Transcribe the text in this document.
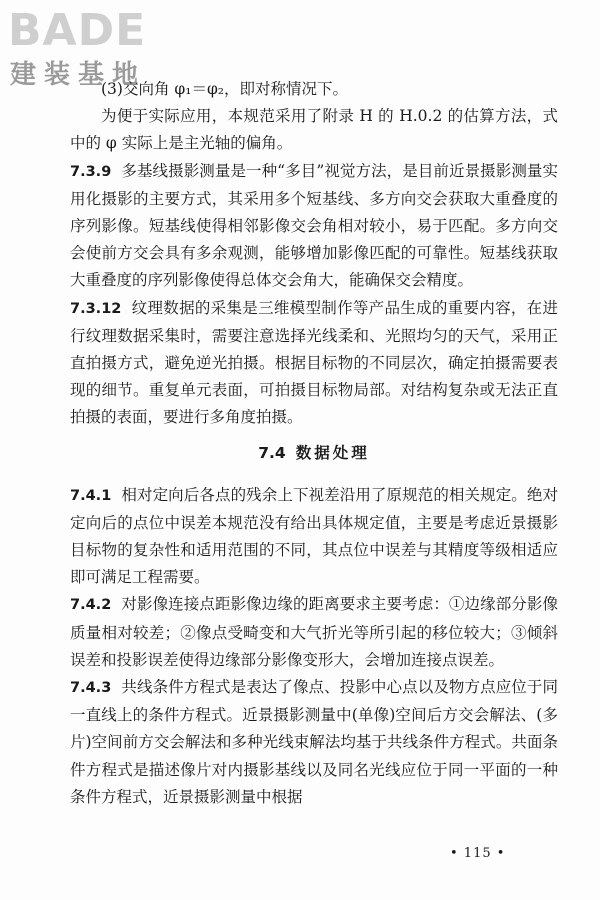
BADE
建装基地

(3)交向角 φ₁＝φ₂，即对称情况下。

为便于实际应用，本规范采用了附录 H 的 H.0.2 的估算方法，式中的 φ 实际上是主光轴的偏角。

7.3.9 多基线摄影测量是一种“多目”视觉方法，是目前近景摄影测量实用化摄影的主要方式，其采用多个短基线、多方向交会获取大重叠度的序列影像。短基线使得相邻影像交会角相对较小，易于匹配。多方向交会使前方交会具有多余观测，能够增加影像匹配的可靠性。短基线获取大重叠度的序列影像使得总体交会角大，能确保交会精度。

7.3.12 纹理数据的采集是三维模型制作等产品生成的重要内容，在进行纹理数据采集时，需要注意选择光线柔和、光照均匀的天气，采用正直拍摄方式，避免逆光拍摄。根据目标物的不同层次，确定拍摄需要表现的细节。重复单元表面，可拍摄目标物局部。对结构复杂或无法正直拍摄的表面，要进行多角度拍摄。

7.4 数据处理

7.4.1 相对定向后各点的残余上下视差沿用了原规范的相关规定。绝对定向后的点位中误差本规范没有给出具体规定值，主要是考虑近景摄影目标物的复杂性和适用范围的不同，其点位中误差与其精度等级相适应即可满足工程需要。

7.4.2 对影像连接点距影像边缘的距离要求主要考虑：①边缘部分影像质量相对较差；②像点受畸变和大气折光等所引起的移位较大；③倾斜误差和投影误差使得边缘部分影像变形大，会增加连接点误差。

7.4.3 共线条件方程式是表达了像点、投影中心点以及物方点应位于同一直线上的条件方程式。近景摄影测量中(单像)空间后方交会解法、(多片)空间前方交会解法和多种光线束解法均基于共线条件方程式。共面条件方程式是描述像片对内摄影基线以及同名光线应位于同一平面的一种条件方程式，近景摄影测量中根据

• 115 •
